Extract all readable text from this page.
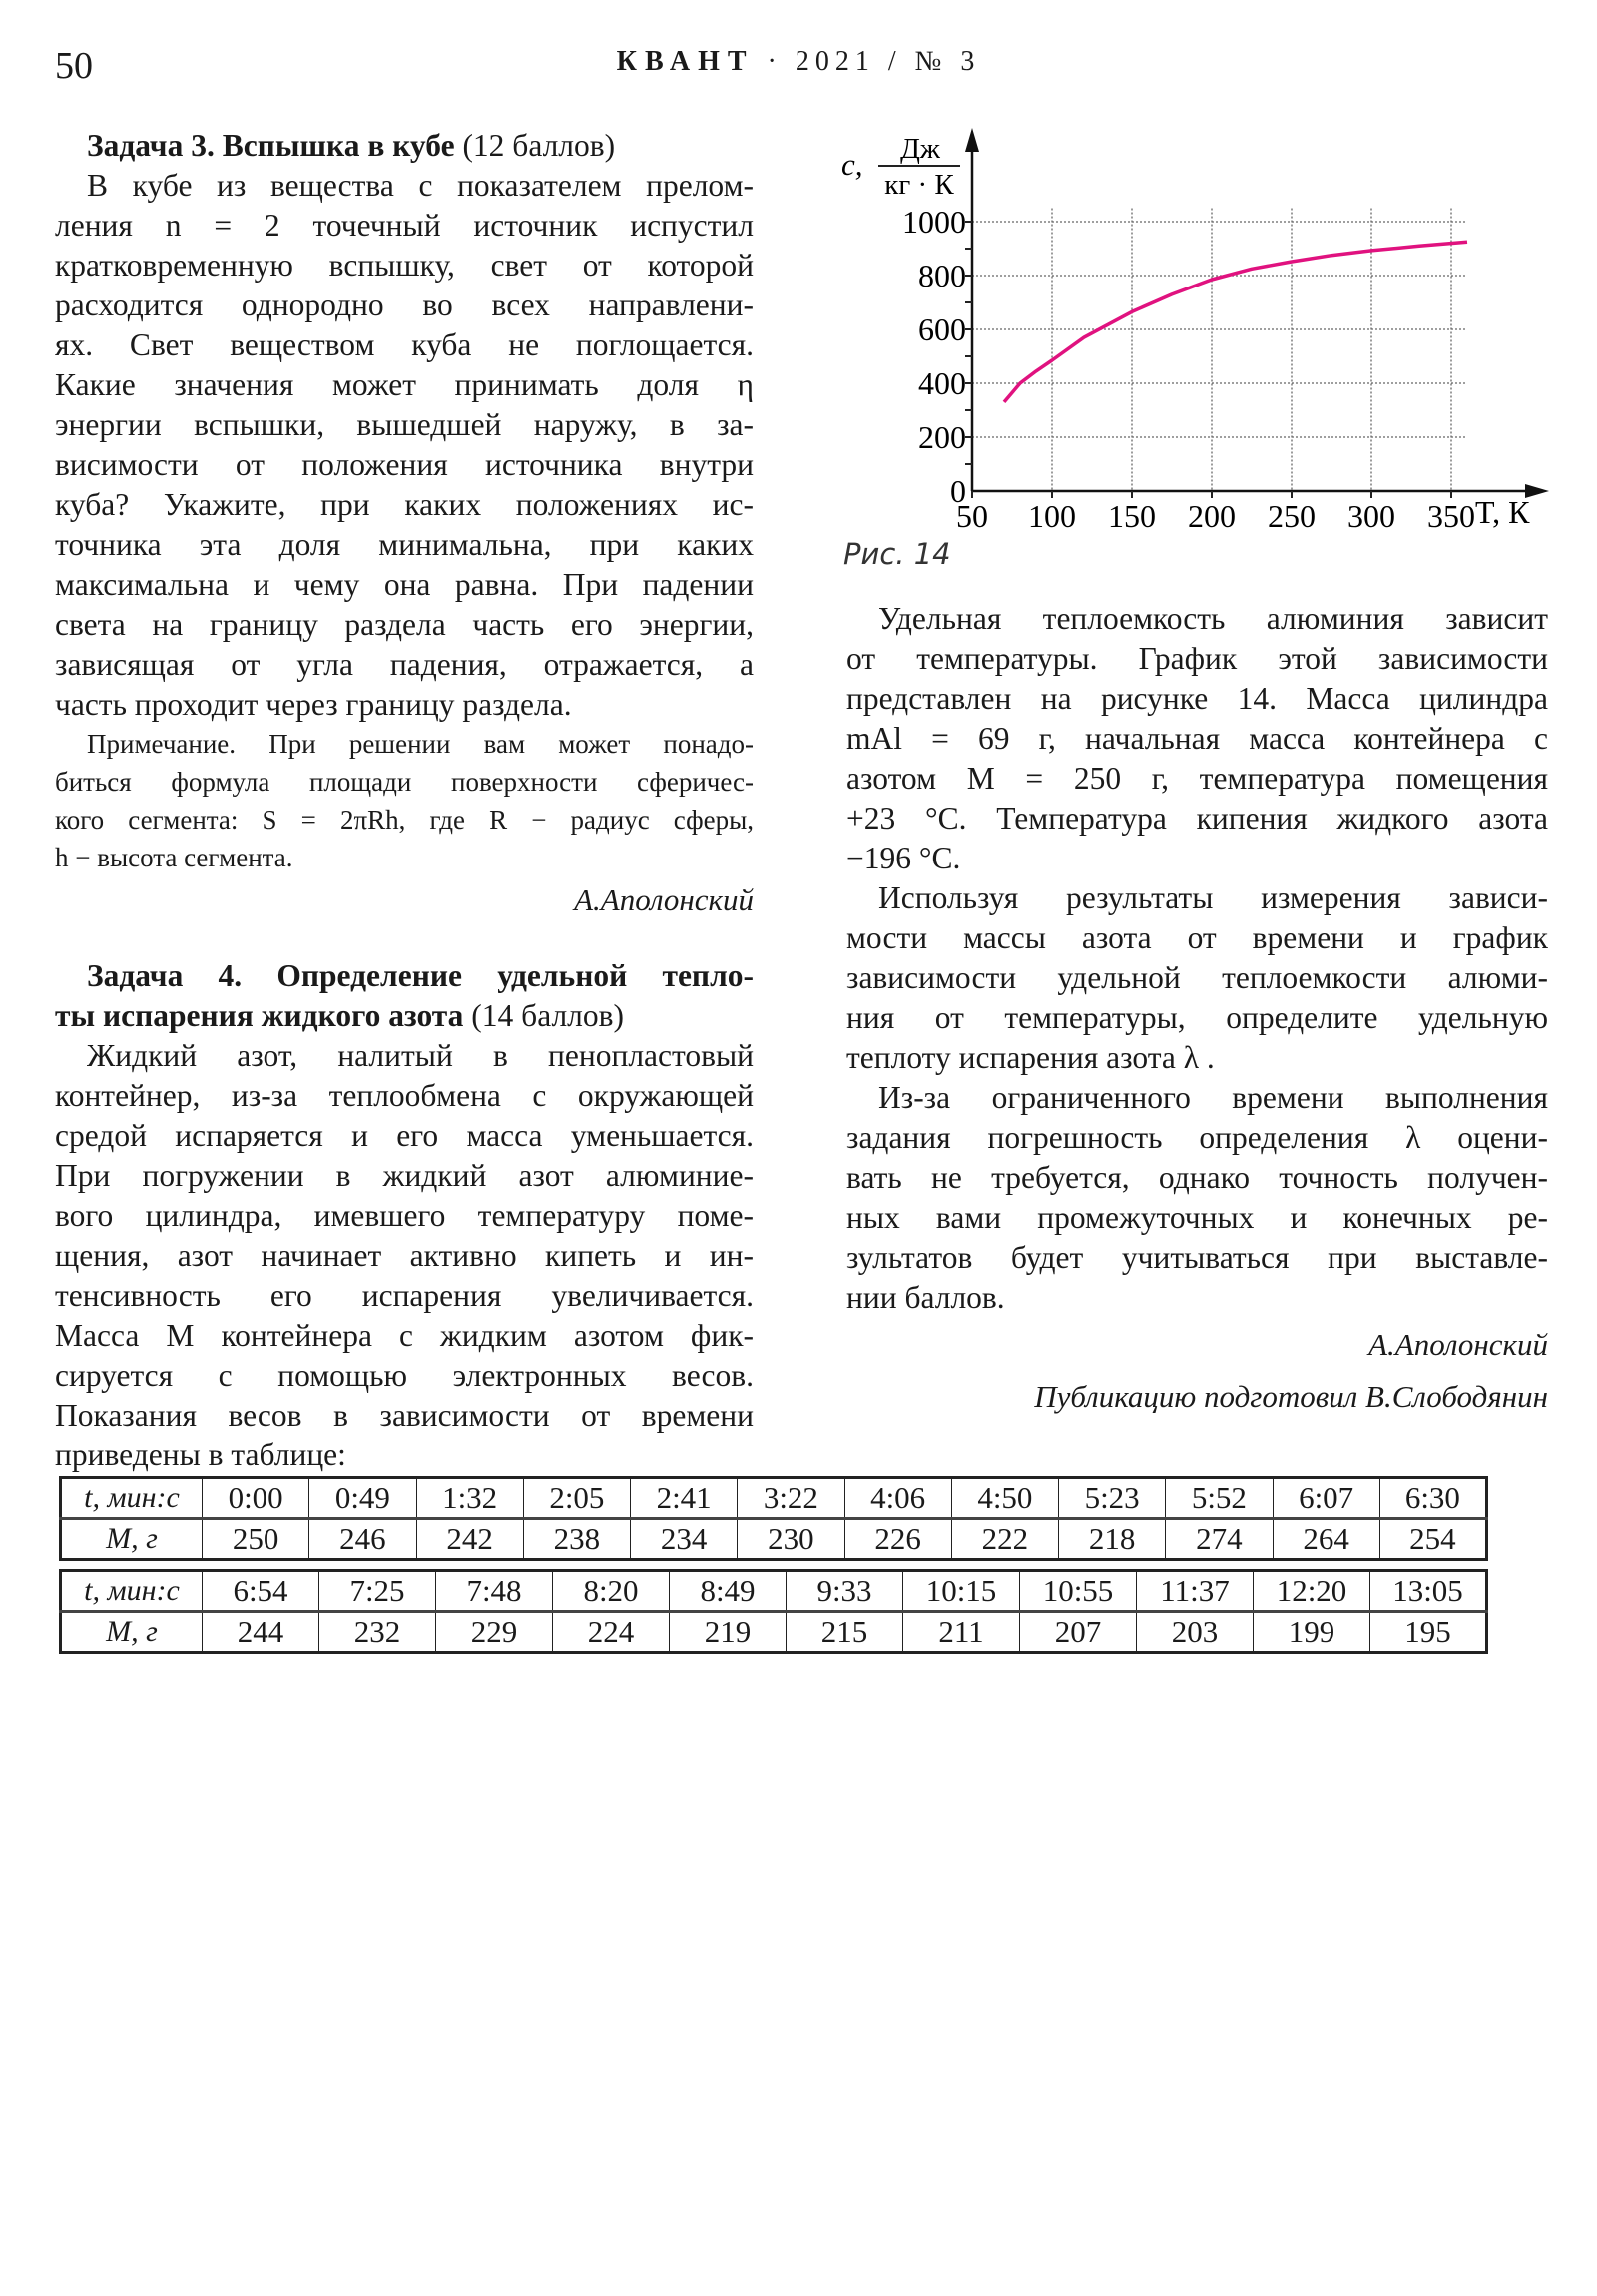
50	КВАНТ · 2021 / № 3
Задача 3. Вспышка в кубе (12 баллов)
В кубе из вещества с показателем прелом-
ления n = 2 точечный источник испустил
кратковременную вспышку, свет от которой
расходится однородно во всех направлени-
ях. Свет веществом куба не поглощается.
Какие значения может принимать доля η
энергии вспышки, вышедшей наружу, в за-
висимости от положения источника внутри
куба? Укажите, при каких положениях ис-
точника эта доля минимальна, при каких
максимальна и чему она равна. При падении
света на границу раздела часть его энергии,
зависящая от угла падения, отражается, а
часть проходит через границу раздела.
Примечание. При решении вам может понадо-
биться формула площади поверхности сферичес-
кого сегмента: S = 2πRh, где R − радиус сферы,
h − высота сегмента.
А.Аполонский
Задача 4. Определение удельной тепло-
ты испарения жидкого азота (14 баллов)
Жидкий азот, налитый в пенопластовый
контейнер, из-за теплообмена с окружающей
средой испаряется и его масса уменьшается.
При погружении в жидкий азот алюминие-
вого цилиндра, имевшего температуру поме-
щения, азот начинает активно кипеть и ин-
тенсивность его испарения увеличивается.
Масса M контейнера с жидким азотом фик-
сируется с помощью электронных весов.
Показания весов в зависимости от времени
приведены в таблице:
50 100 150 200 250 300 350
0
200
400
600
800
1000
c, Дж
кг · К
T, К
Рис. 14
Удельная теплоемкость алюминия зависит
от температуры. График этой зависимости
представлен на рисунке 14. Масса цилиндра
mAl = 69 г, начальная масса контейнера с
азотом M = 250 г, температура помещения
+23 °C. Температура кипения жидкого азота
−196 °C.
Используя результаты измерения зависи-
мости массы азота от времени и график
зависимости удельной теплоемкости алюми-
ния от температуры, определите удельную
теплоту испарения азота λ .
Из-за ограниченного времени выполнения
задания погрешность определения λ оцени-
вать не требуется, однако точность получен-
ных вами промежуточных и конечных ре-
зультатов будет учитываться при выставле-
нии баллов.
А.Аполонский
Публикацию подготовил В.Слободянин
t, мин:с	0:00	0:49	1:32	2:05	2:41	3:22	4:06	4:50	5:23	5:52	6:07	6:30
M, г	250	246	242	238	234	230	226	222	218	274	264	254
t, мин:с	6:54	7:25	7:48	8:20	8:49	9:33	10:15	10:55	11:37	12:20	13:05
M, г	244	232	229	224	219	215	211	207	203	199	195
